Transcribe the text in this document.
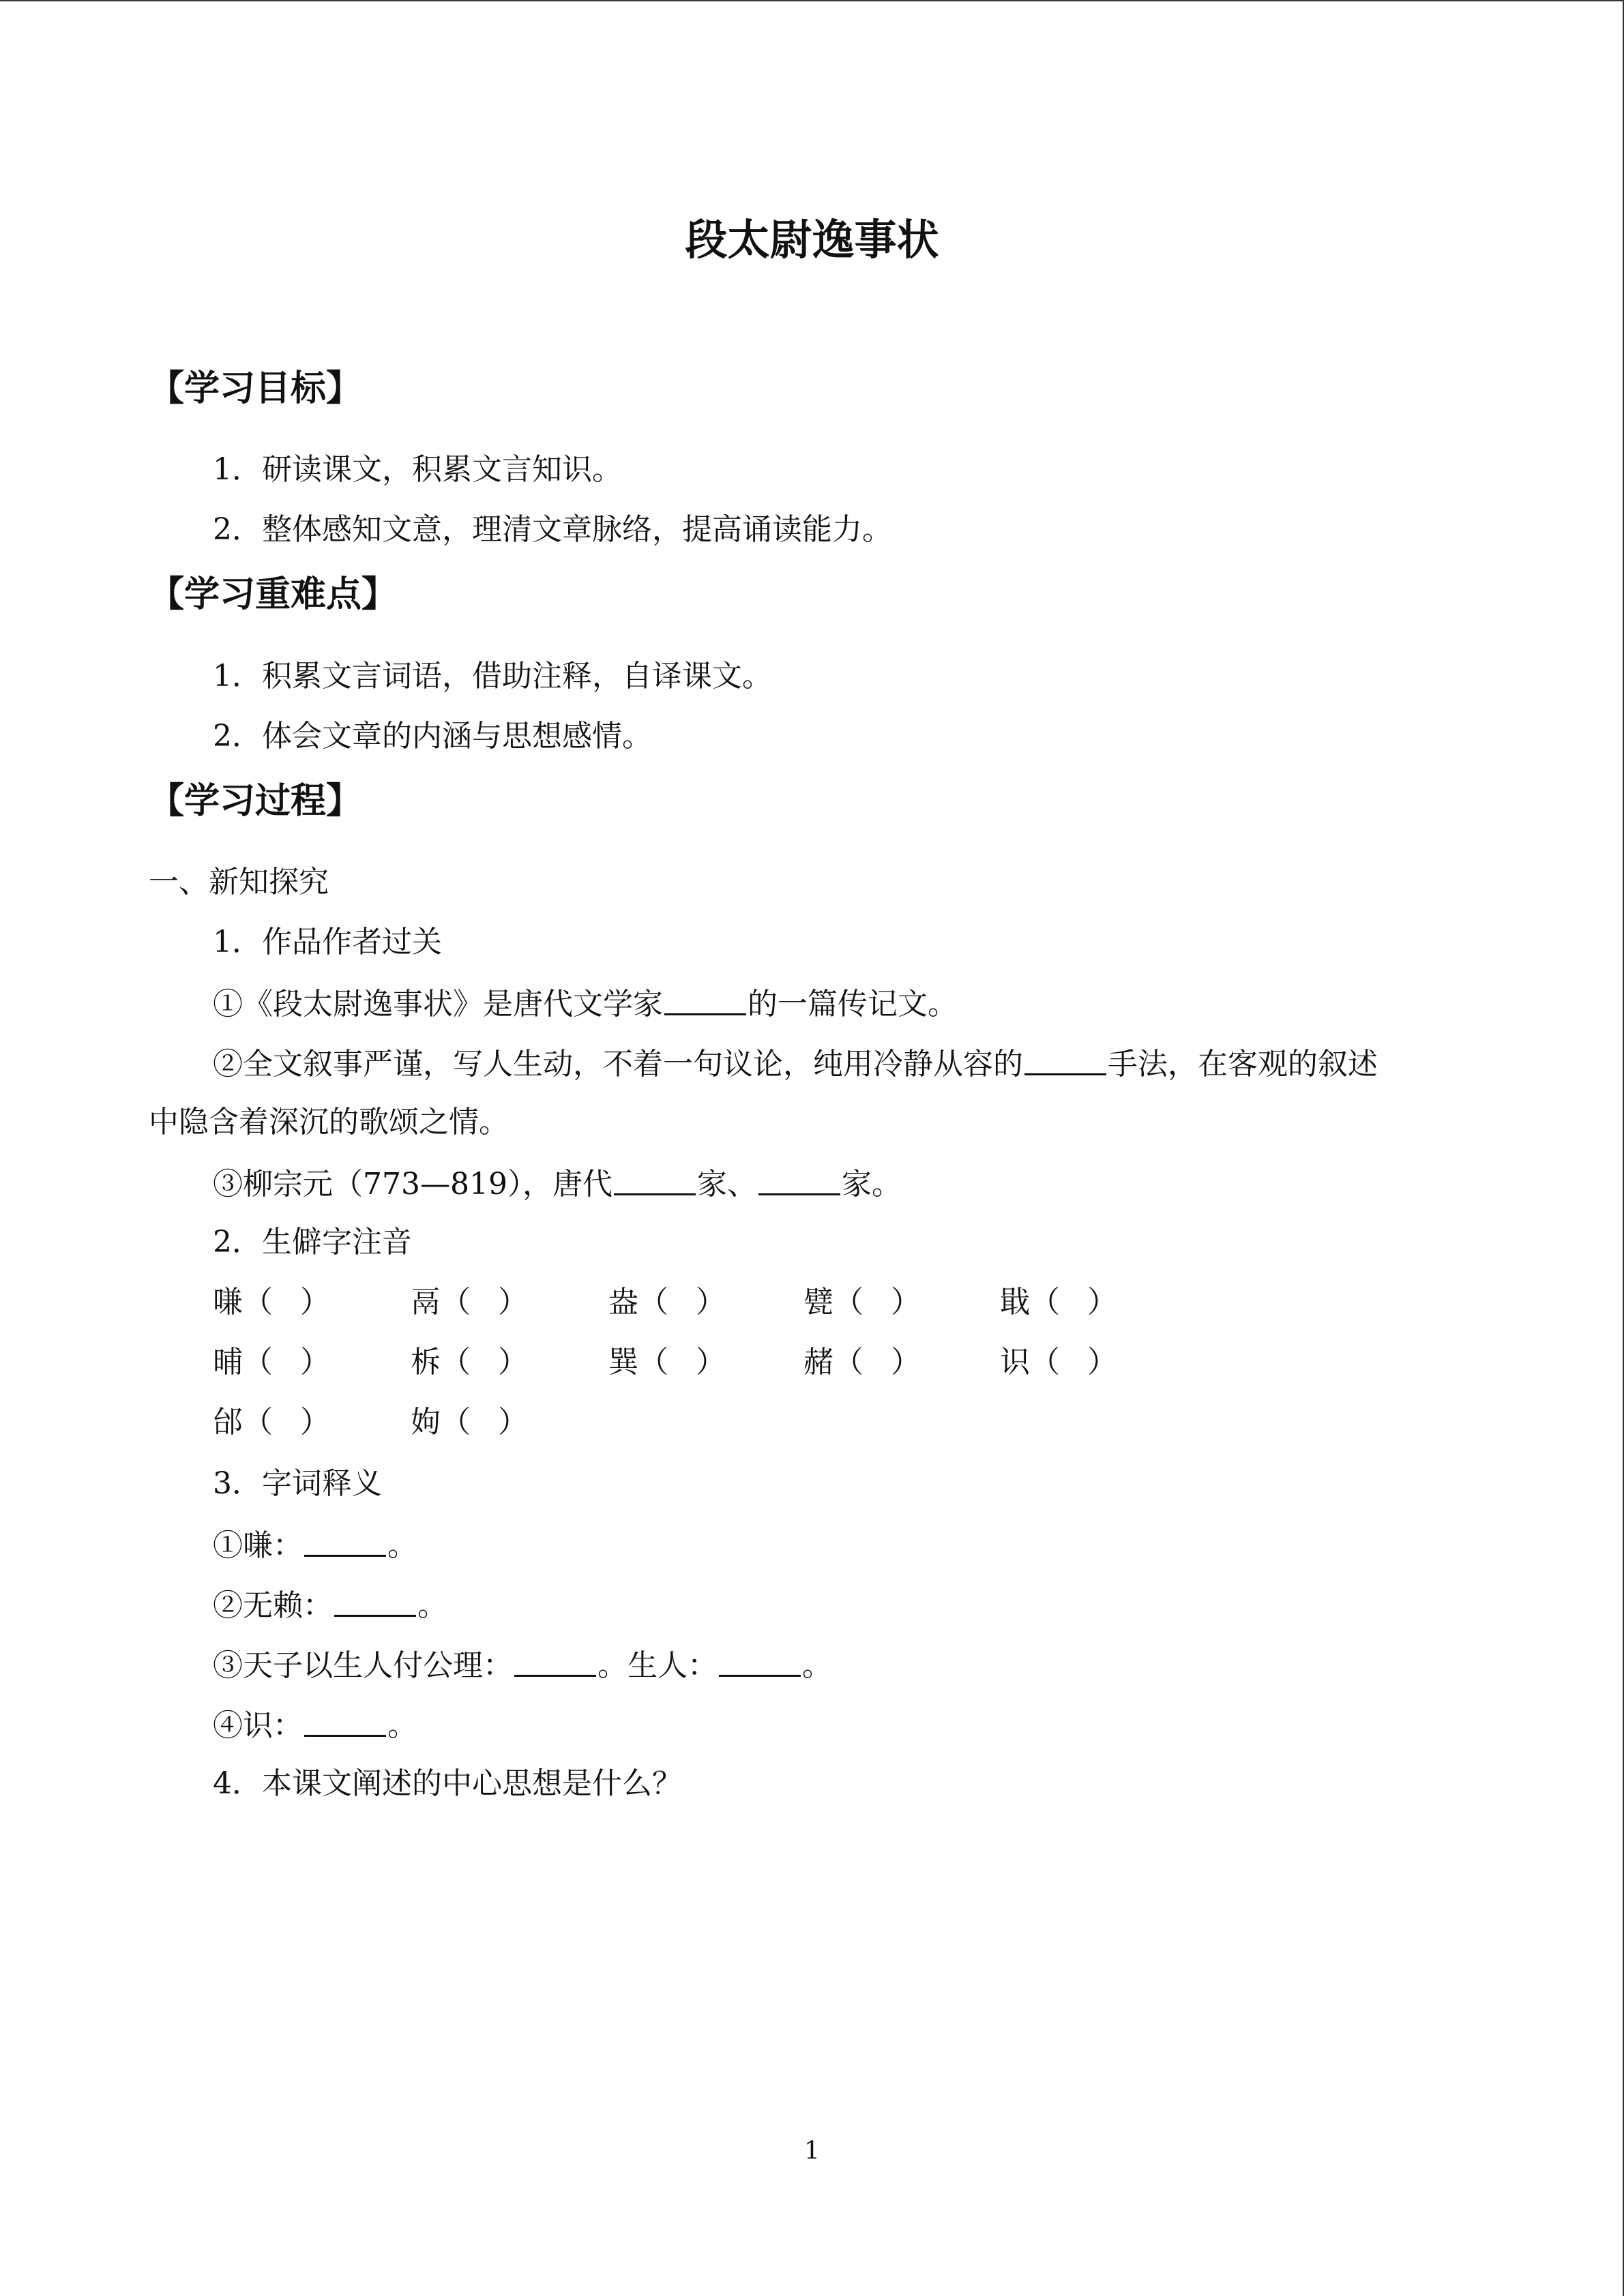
段太尉逸事状
【学习目标】

1．研读课文，积累文言知识。

2．整体感知文意，理清文章脉络，提高诵读能力。

【学习重难点】

1．积累文言词语，借助注释，自译课文。

2．体会文章的内涵与思想感情。

【学习过程】

一、新知探究

1．作品作者过关

①《段太尉逸事状》是唐代文学家	的一篇传记文。

②全文叙事严谨，写人生动，不着一句议论，纯用冷静从容的	手法，在客观的叙述

中隐含着深沉的歌颂之情。

③柳宗元（773—819），唐代	家、	家。

2．生僻字注音

嗛（）	鬲（）	盎（）	甓（）	戢（）
晡（）	柝（）	巽（）	赭（）	识（）
邰（）	姁（）

3．字词释义

①嗛：	。

②无赖：	。

③天子以生人付公理：	。生人：	。

④识：	。

4．本课文阐述的中心思想是什么？

1
